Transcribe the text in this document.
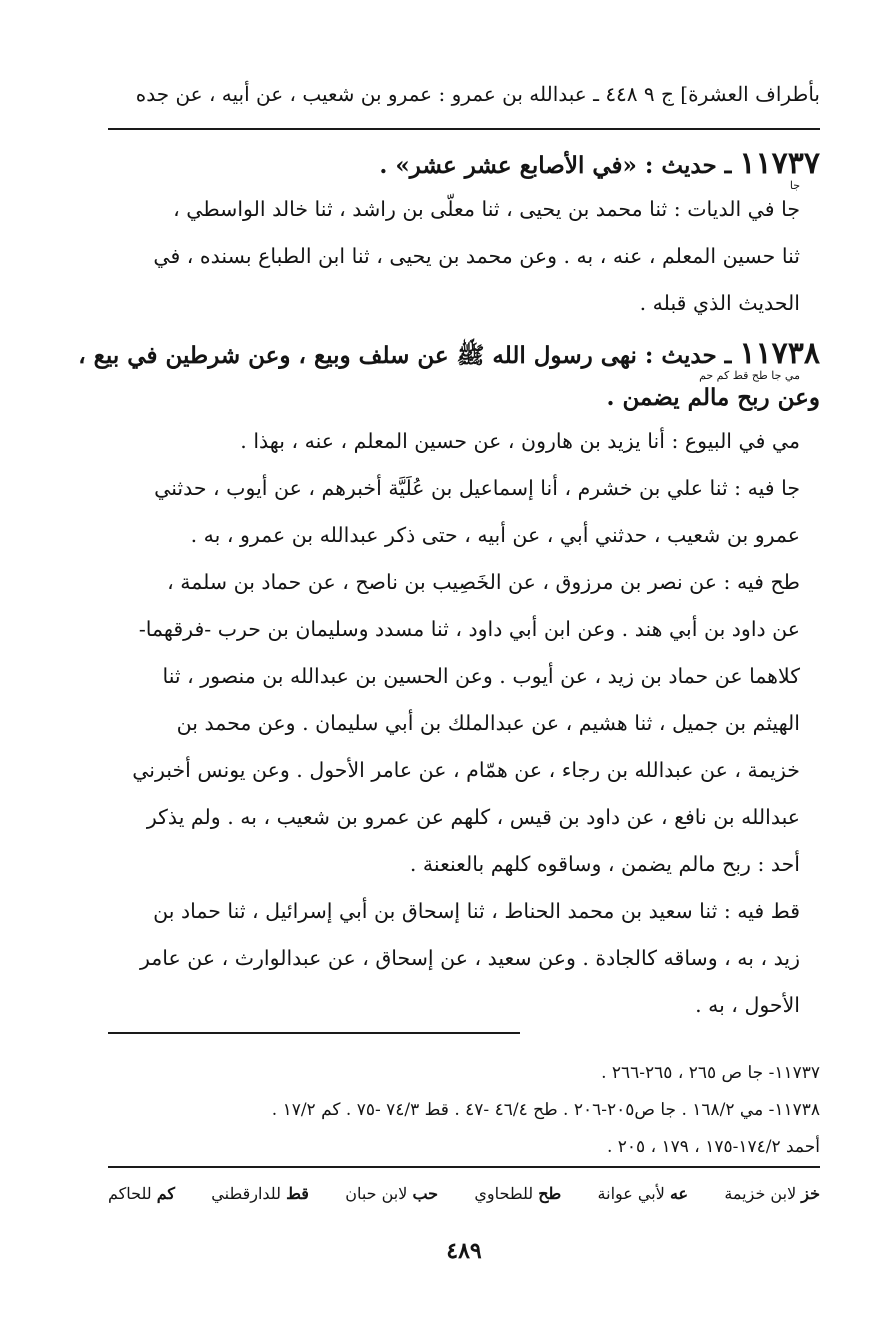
بأطراف العشرة] ج ٩ ٤٤٨ ـ عبدالله بن عمرو : عمرو بن شعيب ، عن أبيه ، عن جده
١١٧٣٧ ـ حديث : «في الأصابع عشر عشر» .
جا

جا في الديات : ثنا محمد بن يحيى ، ثنا معلّى بن راشد ، ثنا خالد الواسطي ،
ثنا حسين المعلم ، عنه ، به . وعن محمد بن يحيى ، ثنا ابن الطباع بسنده ، في
الحديث الذي قبله .

١١٧٣٨ ـ حديث : نهى رسول الله ﷺ عن سلف وبيع ، وعن شرطين في بيع ،
مي جا طح قط كم حم
وعن ربح مالم يضمن .

مي في البيوع : أنا يزيد بن هارون ، عن حسين المعلم ، عنه ، بهذا .

جا فيه : ثنا علي بن خشرم ، أنا إسماعيل بن عُلَيَّة أخبرهم ، عن أيوب ، حدثني
عمرو بن شعيب ، حدثني أبي ، عن أبيه ، حتى ذكر عبدالله بن عمرو ، به .

طح فيه : عن نصر بن مرزوق ، عن الخَصِيب بن ناصح ، عن حماد بن سلمة ،
عن داود بن أبي هند . وعن ابن أبي داود ، ثنا مسدد وسليمان بن حرب -فرقهما-
كلاهما عن حماد بن زيد ، عن أيوب . وعن الحسين بن عبدالله بن منصور ، ثنا
الهيثم بن جميل ، ثنا هشيم ، عن عبدالملك بن أبي سليمان . وعن محمد بن
خزيمة ، عن عبدالله بن رجاء ، عن همّام ، عن عامر الأحول . وعن يونس أخبرني
عبدالله بن نافع ، عن داود بن قيس ، كلهم عن عمرو بن شعيب ، به . ولم يذكر
أحد : ربح مالم يضمن ، وساقوه كلهم بالعنعنة .

قط فيه : ثنا سعيد بن محمد الحناط ، ثنا إسحاق بن أبي إسرائيل ، ثنا حماد بن
زيد ، به ، وساقه كالجادة . وعن سعيد ، عن إسحاق ، عن عبدالوارث ، عن عامر
الأحول ، به .

١١٧٣٧- جا ص ٢٦٥ ، ٢٦٥-٢٦٦ .
١١٧٣٨- مي ١٦٨/٢ . جا ص٢٠٥-٢٠٦ . طح ٤٦/٤ -٤٧ . قط ٧٤/٣ -٧٥ . كم ١٧/٢ .
أحمد ١٧٤/٢-١٧٥ ، ١٧٩ ، ٢٠٥ .
خز لابن خزيمة
عه لأبي عوانة
طح للطحاوي
حب لابن حبان
قط للدارقطني
كم للحاكم
٤٨٩
